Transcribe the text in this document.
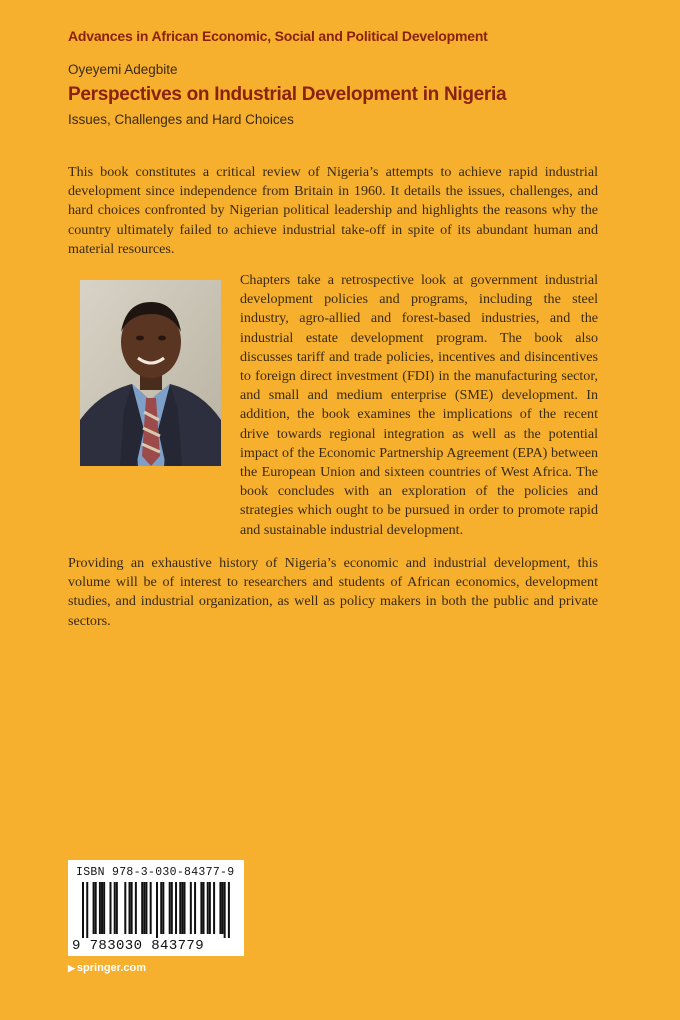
Advances in African Economic, Social and Political Development
Oyeyemi Adegbite
Perspectives on Industrial Development in Nigeria
Issues, Challenges and Hard Choices

This book constitutes a critical review of Nigeria’s attempts to achieve rapid industrial development since independence from Britain in 1960. It details the issues, challenges, and hard choices confronted by Nigerian political leadership and highlights the reasons why the country ultimately failed to achieve industrial take-off in spite of its abundant human and material resources.

Chapters take a retrospective look at government industrial development policies and programs, including the steel industry, agro-allied and forest-based industries, and the industrial estate development program. The book also discusses tariff and trade policies, incentives and disincentives to foreign direct investment (FDI) in the manufacturing sector, and small and medium enterprise (SME) development. In addition, the book examines the implications of the recent drive towards regional integration as well as the potential impact of the Economic Partnership Agreement (EPA) between the European Union and sixteen countries of West Africa. The book concludes with an exploration of the policies and strategies which ought to be pursued in order to promote rapid and sustainable industrial development.

Providing an exhaustive history of Nigeria’s economic and industrial development, this volume will be of interest to researchers and students of African economics, development studies, and industrial organization, as well as policy makers in both the public and private sectors.

ISBN 978-3-030-84377-9
9 783030 843779
▶ springer.com
